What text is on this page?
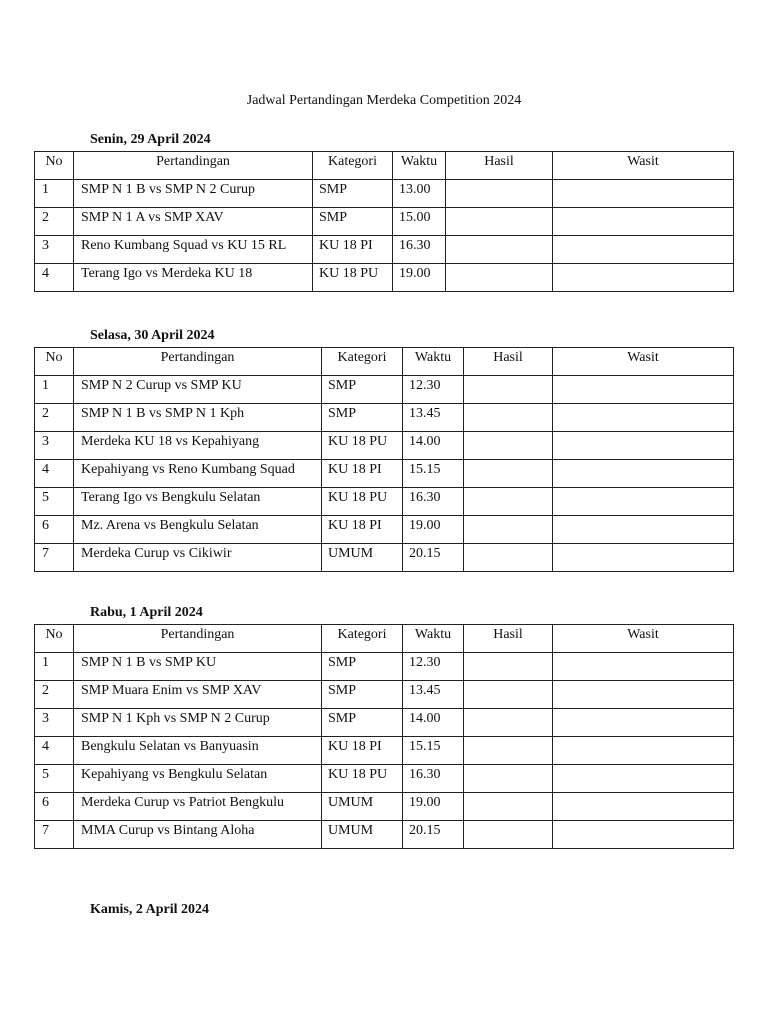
Jadwal Pertandingan Merdeka Competition 2024
Senin, 29 April 2024
No	Pertandingan	Kategori	Waktu	Hasil	Wasit
1	SMP N 1 B vs SMP N 2 Curup	SMP	13.00		
2	SMP N 1 A vs SMP XAV	SMP	15.00		
3	Reno Kumbang Squad vs KU 15 RL	KU 18 PI	16.30		
4	Terang Igo vs Merdeka KU 18	KU 18 PU	19.00		
Selasa, 30 April 2024
No	Pertandingan	Kategori	Waktu	Hasil	Wasit
1	SMP N 2 Curup vs SMP KU	SMP	12.30		
2	SMP N 1 B vs SMP N 1 Kph	SMP	13.45		
3	Merdeka KU 18 vs Kepahiyang	KU 18 PU	14.00		
4	Kepahiyang vs Reno Kumbang Squad	KU 18 PI	15.15		
5	Terang Igo vs Bengkulu Selatan	KU 18 PU	16.30		
6	Mz. Arena vs Bengkulu Selatan	KU 18 PI	19.00		
7	Merdeka Curup vs Cikiwir	UMUM	20.15		
Rabu, 1 April 2024
No	Pertandingan	Kategori	Waktu	Hasil	Wasit
1	SMP N 1 B vs SMP KU	SMP	12.30		
2	SMP Muara Enim vs SMP XAV	SMP	13.45		
3	SMP N 1 Kph vs SMP N 2 Curup	SMP	14.00		
4	Bengkulu Selatan vs Banyuasin	KU 18 PI	15.15		
5	Kepahiyang vs Bengkulu Selatan	KU 18 PU	16.30		
6	Merdeka Curup vs Patriot Bengkulu	UMUM	19.00		
7	MMA Curup vs Bintang Aloha	UMUM	20.15		
Kamis, 2 April 2024
